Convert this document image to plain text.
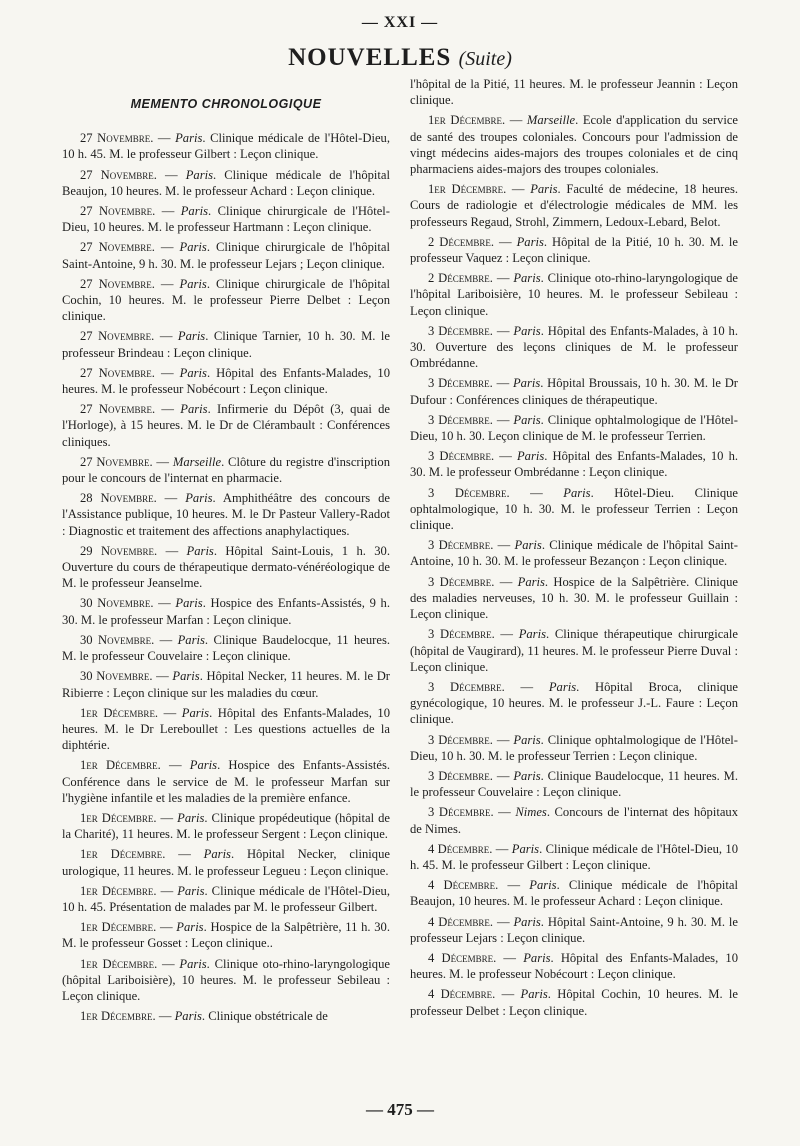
— XXI —
NOUVELLES (Suite)
MEMENTO CHRONOLOGIQUE

27 Novembre. — Paris. Clinique médicale de l'Hôtel-Dieu, 10 h. 45. M. le professeur Gilbert : Leçon clinique.

27 Novembre. — Paris. Clinique médicale de l'hôpital Beaujon, 10 heures. M. le professeur Achard : Leçon clinique.

27 Novembre. — Paris. Clinique chirurgicale de l'Hôtel-Dieu, 10 heures. M. le professeur Hartmann : Leçon clinique.

27 Novembre. — Paris. Clinique chirurgicale de l'hôpital Saint-Antoine, 9 h. 30. M. le professeur Lejars ; Leçon clinique.

27 Novembre. — Paris. Clinique chirurgicale de l'hôpital Cochin, 10 heures. M. le professeur Pierre Delbet : Leçon clinique.

27 Novembre. — Paris. Clinique Tarnier, 10 h. 30. M. le professeur Brindeau : Leçon clinique.

27 Novembre. — Paris. Hôpital des Enfants-Malades, 10 heures. M. le professeur Nobécourt : Leçon clinique.

27 Novembre. — Paris. Infirmerie du Dépôt (3, quai de l'Horloge), à 15 heures. M. le Dr de Clérambault : Conférences cliniques.

27 Novembre. — Marseille. Clôture du registre d'inscription pour le concours de l'internat en pharmacie.

28 Novembre. — Paris. Amphithéâtre des concours de l'Assistance publique, 10 heures. M. le Dr Pasteur Vallery-Radot : Diagnostic et traitement des affections anaphylactiques.

29 Novembre. — Paris. Hôpital Saint-Louis, 1 h. 30. Ouverture du cours de thérapeutique dermato-vénéréologique de M. le professeur Jeanselme.

30 Novembre. — Paris. Hospice des Enfants-Assistés, 9 h. 30. M. le professeur Marfan : Leçon clinique.

30 Novembre. — Paris. Clinique Baudelocque, 11 heures. M. le professeur Couvelaire : Leçon clinique.

30 Novembre. — Paris. Hôpital Necker, 11 heures. M. le Dr Ribierre : Leçon clinique sur les maladies du cœur.

1er Décembre. — Paris. Hôpital des Enfants-Malades, 10 heures. M. le Dr Lereboullet : Les questions actuelles de la diphtérie.

1er Décembre. — Paris. Hospice des Enfants-Assistés. Conférence dans le service de M. le professeur Marfan sur l'hygiène infantile et les maladies de la première enfance.

1er Décembre. — Paris. Clinique propédeutique (hôpital de la Charité), 11 heures. M. le professeur Sergent : Leçon clinique.

1er Décembre. — Paris. Hôpital Necker, clinique urologique, 11 heures. M. le professeur Legueu : Leçon clinique.

1er Décembre. — Paris. Clinique médicale de l'Hôtel-Dieu, 10 h. 45. Présentation de malades par M. le professeur Gilbert.

1er Décembre. — Paris. Hospice de la Salpêtrière, 11 h. 30. M. le professeur Gosset : Leçon clinique..

1er Décembre. — Paris. Clinique oto-rhino-laryngologique (hôpital Lariboisière), 10 heures. M. le professeur Sebileau : Leçon clinique.

1er Décembre. — Paris. Clinique obstétricale de

l'hôpital de la Pitié, 11 heures. M. le professeur Jeannin : Leçon clinique.

1er Décembre. — Marseille. Ecole d'application du service de santé des troupes coloniales. Concours pour l'admission de vingt médecins aides-majors des troupes coloniales et de cinq pharmaciens aides-majors des troupes coloniales.

1er Décembre. — Paris. Faculté de médecine, 18 heures. Cours de radiologie et d'électrologie médicales de MM. les professeurs Regaud, Strohl, Zimmern, Ledoux-Lebard, Belot.

2 Décembre. — Paris. Hôpital de la Pitié, 10 h. 30. M. le professeur Vaquez : Leçon clinique.

2 Décembre. — Paris. Clinique oto-rhino-laryngologique de l'hôpital Lariboisière, 10 heures. M. le professeur Sebileau : Leçon clinique.

3 Décembre. — Paris. Hôpital des Enfants-Malades, à 10 h. 30. Ouverture des leçons cliniques de M. le professeur Ombrédanne.

3 Décembre. — Paris. Hôpital Broussais, 10 h. 30. M. le Dr Dufour : Conférences cliniques de thérapeutique.

3 Décembre. — Paris. Clinique ophtalmologique de l'Hôtel-Dieu, 10 h. 30. Leçon clinique de M. le professeur Terrien.

3 Décembre. — Paris. Hôpital des Enfants-Malades, 10 h. 30. M. le professeur Ombrédanne : Leçon clinique.

3 Décembre. — Paris. Hôtel-Dieu. Clinique ophtalmologique, 10 h. 30. M. le professeur Terrien : Leçon clinique.

3 Décembre. — Paris. Clinique médicale de l'hôpital Saint-Antoine, 10 h. 30. M. le professeur Bezançon : Leçon clinique.

3 Décembre. — Paris. Hospice de la Salpêtrière. Clinique des maladies nerveuses, 10 h. 30. M. le professeur Guillain : Leçon clinique.

3 Décembre. — Paris. Clinique thérapeutique chirurgicale (hôpital de Vaugirard), 11 heures. M. le professeur Pierre Duval : Leçon clinique.

3 Décembre. — Paris. Hôpital Broca, clinique gynécologique, 10 heures. M. le professeur J.-L. Faure : Leçon clinique.

3 Décembre. — Paris. Clinique ophtalmologique de l'Hôtel-Dieu, 10 h. 30. M. le professeur Terrien : Leçon clinique.

3 Décembre. — Paris. Clinique Baudelocque, 11 heures. M. le professeur Couvelaire : Leçon clinique.

3 Décembre. — Nimes. Concours de l'internat des hôpitaux de Nimes.

4 Décembre. — Paris. Clinique médicale de l'Hôtel-Dieu, 10 h. 45. M. le professeur Gilbert : Leçon clinique.

4 Décembre. — Paris. Clinique médicale de l'hôpital Beaujon, 10 heures. M. le professeur Achard : Leçon clinique.

4 Décembre. — Paris. Hôpital Saint-Antoine, 9 h. 30. M. le professeur Lejars : Leçon clinique.

4 Décembre. — Paris. Hôpital des Enfants-Malades, 10 heures. M. le professeur Nobécourt : Leçon clinique.

4 Décembre. — Paris. Hôpital Cochin, 10 heures. M. le professeur Delbet : Leçon clinique.

— 475 —
